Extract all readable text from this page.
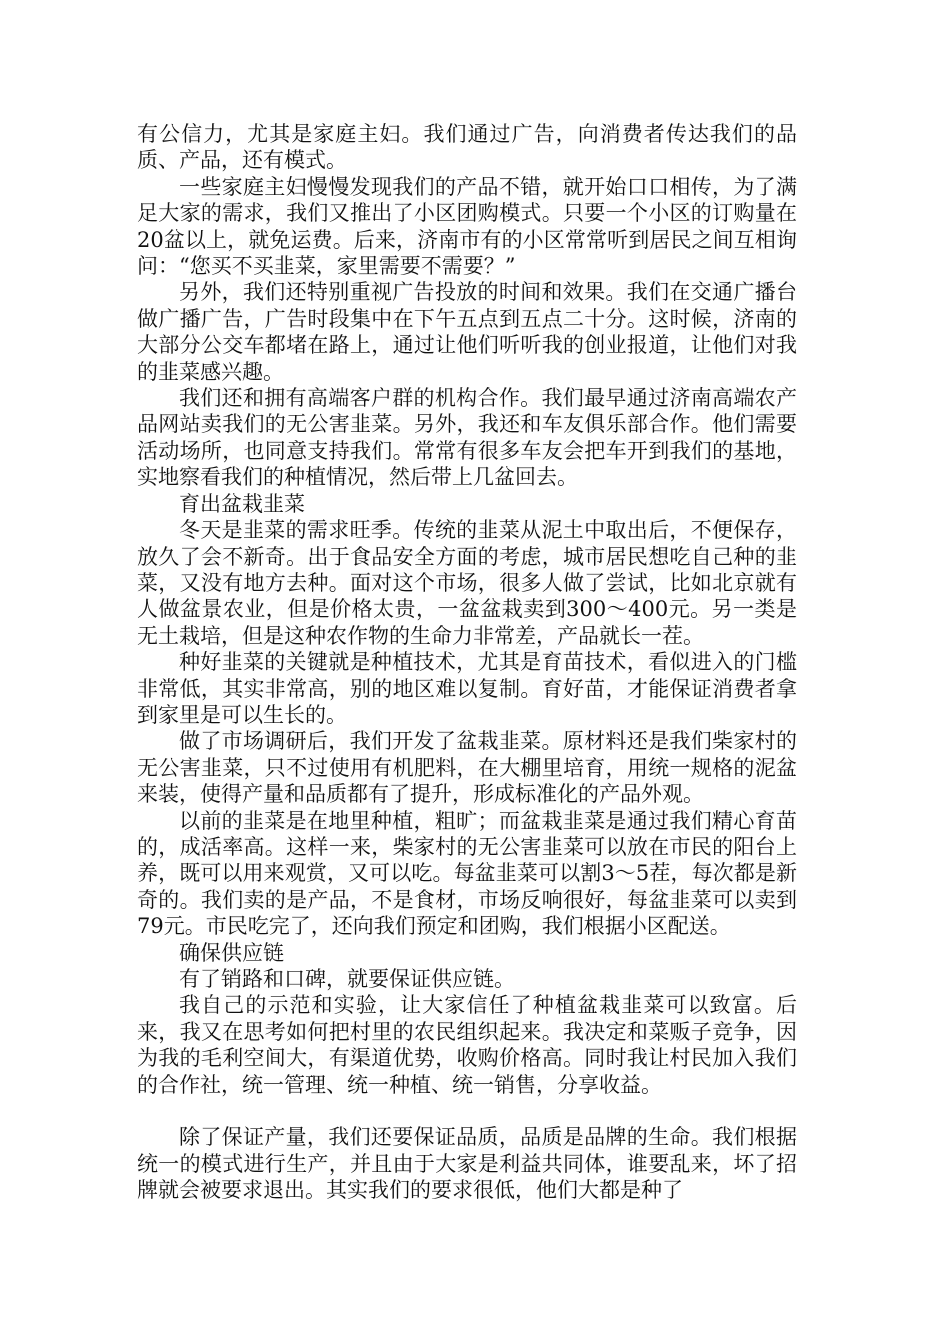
有公信力，尤其是家庭主妇。我们通过广告，向消费者传达我们的品质、产品，还有模式。

一些家庭主妇慢慢发现我们的产品不错，就开始口口相传，为了满足大家的需求，我们又推出了小区团购模式。只要一个小区的订购量在20盆以上，就免运费。后来，济南市有的小区常常听到居民之间互相询问：“您买不买韭菜，家里需要不需要？”

另外，我们还特别重视广告投放的时间和效果。我们在交通广播台做广播广告，广告时段集中在下午五点到五点二十分。这时候，济南的大部分公交车都堵在路上，通过让他们听听我的创业报道，让他们对我的韭菜感兴趣。

我们还和拥有高端客户群的机构合作。我们最早通过济南高端农产品网站卖我们的无公害韭菜。另外，我还和车友俱乐部合作。他们需要活动场所，也同意支持我们。常常有很多车友会把车开到我们的基地，实地察看我们的种植情况，然后带上几盆回去。

育出盆栽韭菜

冬天是韭菜的需求旺季。传统的韭菜从泥土中取出后，不便保存，放久了会不新奇。出于食品安全方面的考虑，城市居民想吃自己种的韭菜，又没有地方去种。面对这个市场，很多人做了尝试，比如北京就有人做盆景农业，但是价格太贵，一盆盆栽卖到300～400元。另一类是无土栽培，但是这种农作物的生命力非常差，产品就长一茬。

种好韭菜的关键就是种植技术，尤其是育苗技术，看似进入的门槛非常低，其实非常高，别的地区难以复制。育好苗，才能保证消费者拿到家里是可以生长的。

做了市场调研后，我们开发了盆栽韭菜。原材料还是我们柴家村的无公害韭菜，只不过使用有机肥料，在大棚里培育，用统一规格的泥盆来装，使得产量和品质都有了提升，形成标准化的产品外观。

以前的韭菜是在地里种植，粗旷；而盆栽韭菜是通过我们精心育苗的，成活率高。这样一来，柴家村的无公害韭菜可以放在市民的阳台上养，既可以用来观赏，又可以吃。每盆韭菜可以割3～5茬，每次都是新奇的。我们卖的是产品，不是食材，市场反响很好，每盆韭菜可以卖到79元。市民吃完了，还向我们预定和团购，我们根据小区配送。

确保供应链

有了销路和口碑，就要保证供应链。

我自己的示范和实验，让大家信任了种植盆栽韭菜可以致富。后来，我又在思考如何把村里的农民组织起来。我决定和菜贩子竞争，因为我的毛利空间大，有渠道优势，收购价格高。同时我让村民加入我们的合作社，统一管理、统一种植、统一销售，分享收益。

除了保证产量，我们还要保证品质，品质是品牌的生命。我们根据统一的模式进行生产，并且由于大家是利益共同体，谁要乱来，坏了招牌就会被要求退出。其实我们的要求很低，他们大都是种了
